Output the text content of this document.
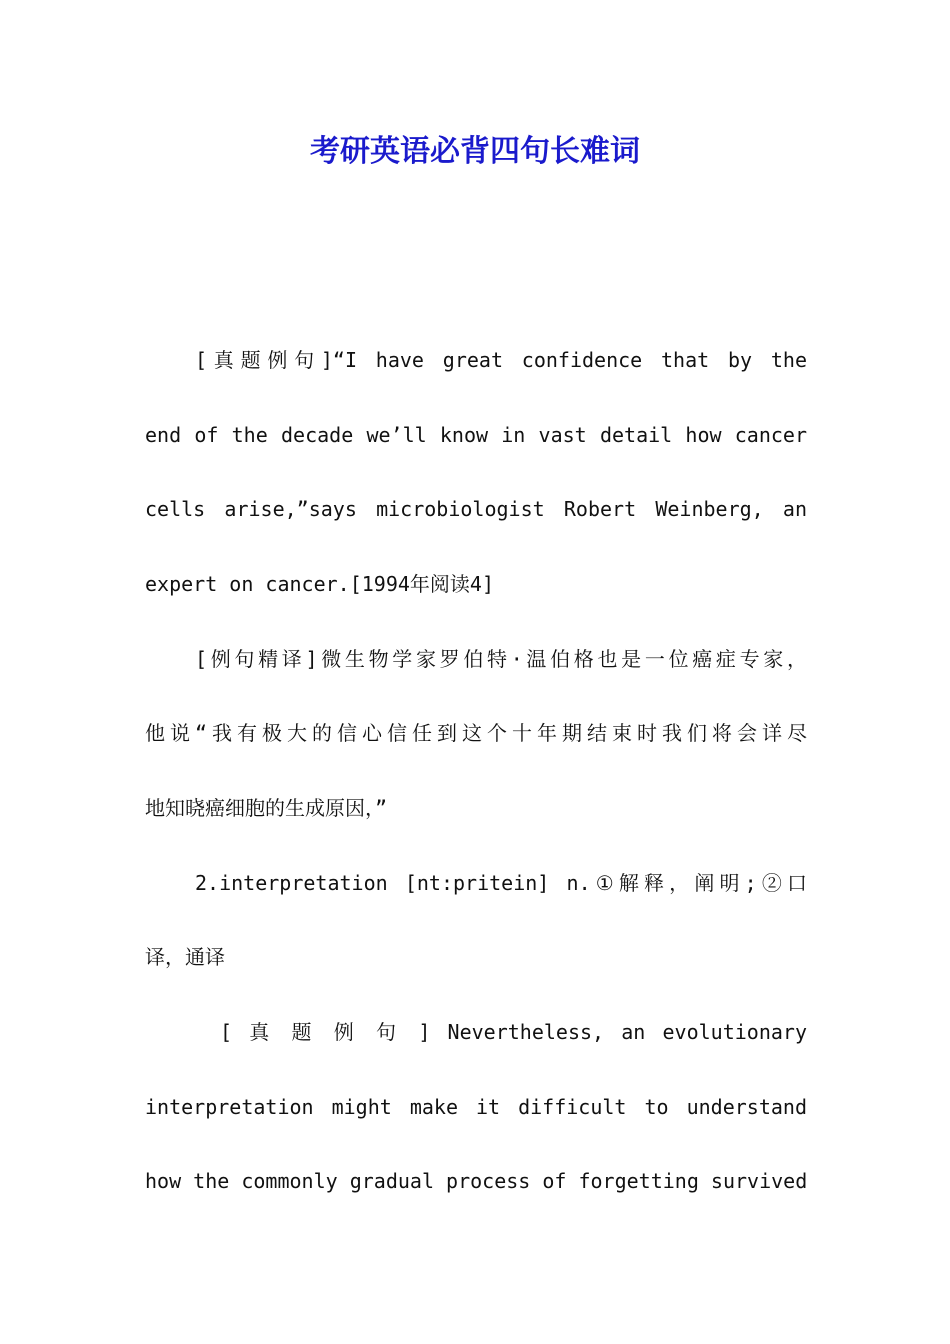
考研英语必背四句长难词

[真题例句]“I have great confidence that by the

end of the decade we’ll know in vast detail how cancer

cells arise,”says microbiologist Robert Weinberg, an

expert on cancer.[1994年阅读4]

[例句精译]微生物学家罗伯特·温伯格也是一位癌症专家，

他说“我有极大的信心信任到这个十年期结束时我们将会详尽

地知晓癌细胞的生成原因，”

2.interpretation [nt:pritein] n.①解释，阐明;②口

译，通译

[ 真 题 例 句 ] Nevertheless, an evolutionary

interpretation might make it difficult to understand

how the commonly gradual process of forgetting survived
